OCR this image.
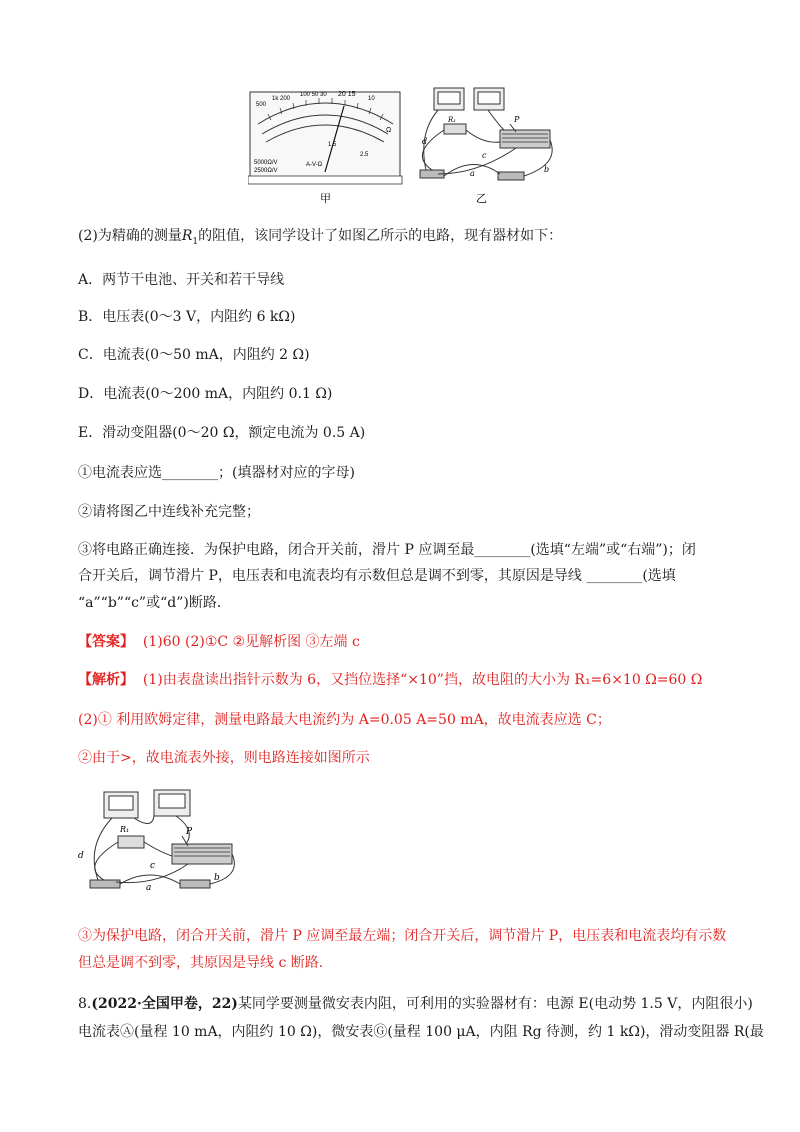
500
1k 200
100 50 30 20 15
10
Ω
1.5
2.5
5000Ω/V
2500Ω/V
A-V-Ω
甲
R₁	P
d
c
a	b
乙
(2)为精确的测量$R_1$的阻值，该同学设计了如图乙所示的电路，现有器材如下：
A．两节干电池、开关和若干导线
B．电压表(0～3 V，内阻约 6 kΩ)
C．电流表(0～50 mA，内阻约 2 Ω)
D．电流表(0～200 mA，内阻约 0.1 Ω)
E．滑动变阻器(0～20 Ω，额定电流为 0.5 A)
①电流表应选________；(填器材对应的字母)
②请将图乙中连线补充完整；
③将电路正确连接．为保护电路，闭合开关前，滑片 P 应调至最________(选填“左端”或“右端”)；闭
合开关后，调节滑片 P，电压表和电流表均有示数但总是调不到零，其原因是导线 ________(选填
“a”“b”“c”或“d”)断路．
【答案】 (1)60 (2)①C ②见解析图 ③左端 c
【解析】 (1)由表盘读出指针示数为 6，又挡位选择“×10”挡，故电阻的大小为 R₁=6×10 Ω=60 Ω
(2)① 利用欧姆定律，测量电路最大电流约为 A=0.05 A=50 mA，故电流表应选 C；
②由于>，故电流表外接，则电路连接如图所示
R₁	P
d
c
a
b
③为保护电路，闭合开关前，滑片 P 应调至最左端；闭合开关后，调节滑片 P，电压表和电流表均有示数
但总是调不到零，其原因是导线 c 断路.
8.(2022·全国甲卷，22)某同学要测量微安表内阻，可利用的实验器材有：电源 E(电动势 1.5 V，内阻很小)
电流表Ⓐ(量程 10 mA，内阻约 10 Ω)，微安表Ⓖ(量程 100 μA，内阻 Rg 待测，约 1 kΩ)，滑动变阻器 R(最
